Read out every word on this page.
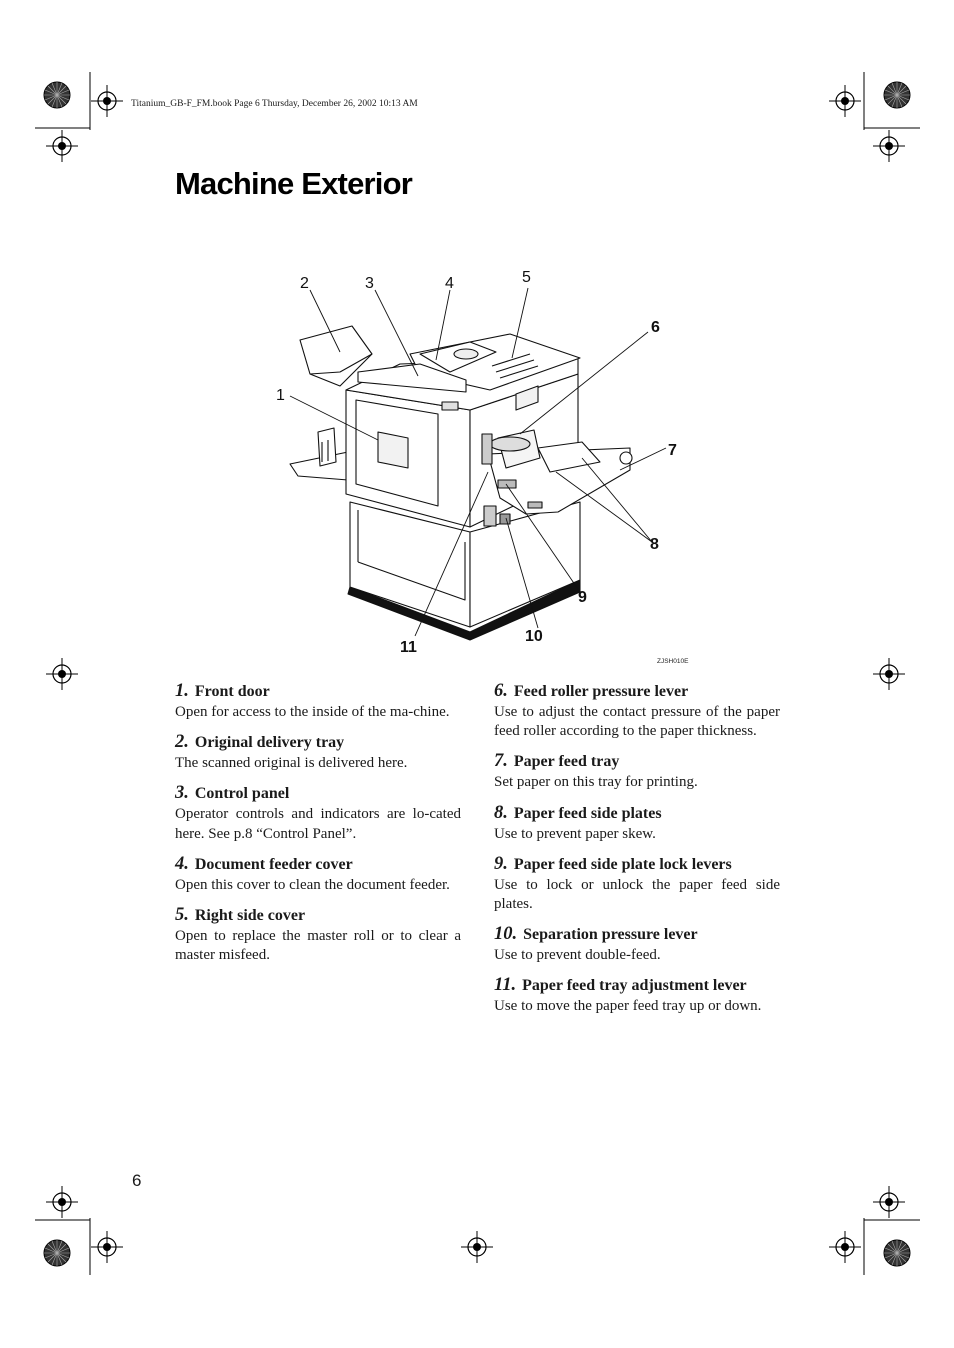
Titanium_GB-F_FM.book Page 6 Thursday, December 26, 2002 10:13 AM
Machine Exterior
1
2	3	4	5
6
7
8
9
10
11
ZJSH010E
1. Front door
Open for access to the inside of the ma-chine.
2. Original delivery tray
The scanned original is delivered here.
3. Control panel
Operator controls and indicators are lo-cated here. See p.8 “Control Panel”.
4. Document feeder cover
Open this cover to clean the document feeder.
5. Right side cover
Open to replace the master roll or to clear a master misfeed.
6. Feed roller pressure lever
Use to adjust the contact pressure of the paper feed roller according to the paper thickness.
7. Paper feed tray
Set paper on this tray for printing.
8. Paper feed side plates
Use to prevent paper skew.
9. Paper feed side plate lock levers
Use to lock or unlock the paper feed side plates.
10. Separation pressure lever
Use to prevent double-feed.
11. Paper feed tray adjustment lever
Use to move the paper feed tray up or down.
6
